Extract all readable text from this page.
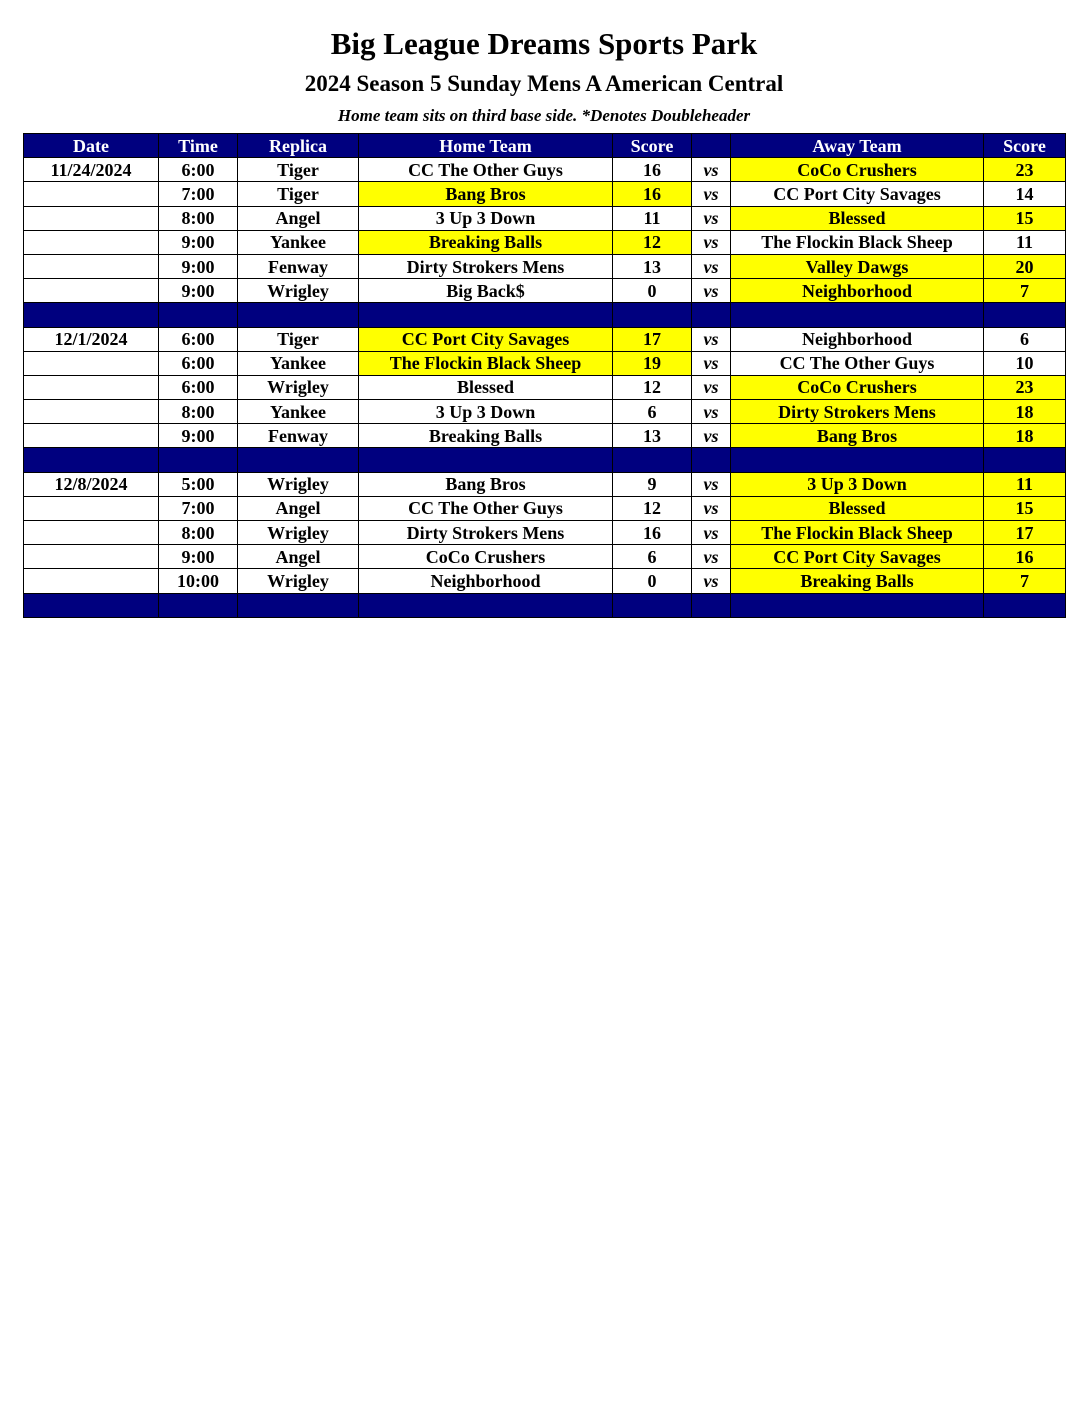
Big League Dreams Sports Park
2024 Season 5 Sunday Mens A American Central
Home team sits on third base side. *Denotes Doubleheader
Date	Time	Replica	Home Team	Score		Away Team	Score
11/24/2024	6:00	Tiger	CC The Other Guys	16	vs	CoCo Crushers	23
	7:00	Tiger	Bang Bros	16	vs	CC Port City Savages	14
	8:00	Angel	3 Up 3 Down	11	vs	Blessed	15
	9:00	Yankee	Breaking Balls	12	vs	The Flockin Black Sheep	11
	9:00	Fenway	Dirty Strokers Mens	13	vs	Valley Dawgs	20
	9:00	Wrigley	Big Back$	0	vs	Neighborhood	7

12/1/2024	6:00	Tiger	CC Port City Savages	17	vs	Neighborhood	6
	6:00	Yankee	The Flockin Black Sheep	19	vs	CC The Other Guys	10
	6:00	Wrigley	Blessed	12	vs	CoCo Crushers	23
	8:00	Yankee	3 Up 3 Down	6	vs	Dirty Strokers Mens	18
	9:00	Fenway	Breaking Balls	13	vs	Bang Bros	18

12/8/2024	5:00	Wrigley	Bang Bros	9	vs	3 Up 3 Down	11
	7:00	Angel	CC The Other Guys	12	vs	Blessed	15
	8:00	Wrigley	Dirty Strokers Mens	16	vs	The Flockin Black Sheep	17
	9:00	Angel	CoCo Crushers	6	vs	CC Port City Savages	16
	10:00	Wrigley	Neighborhood	0	vs	Breaking Balls	7
